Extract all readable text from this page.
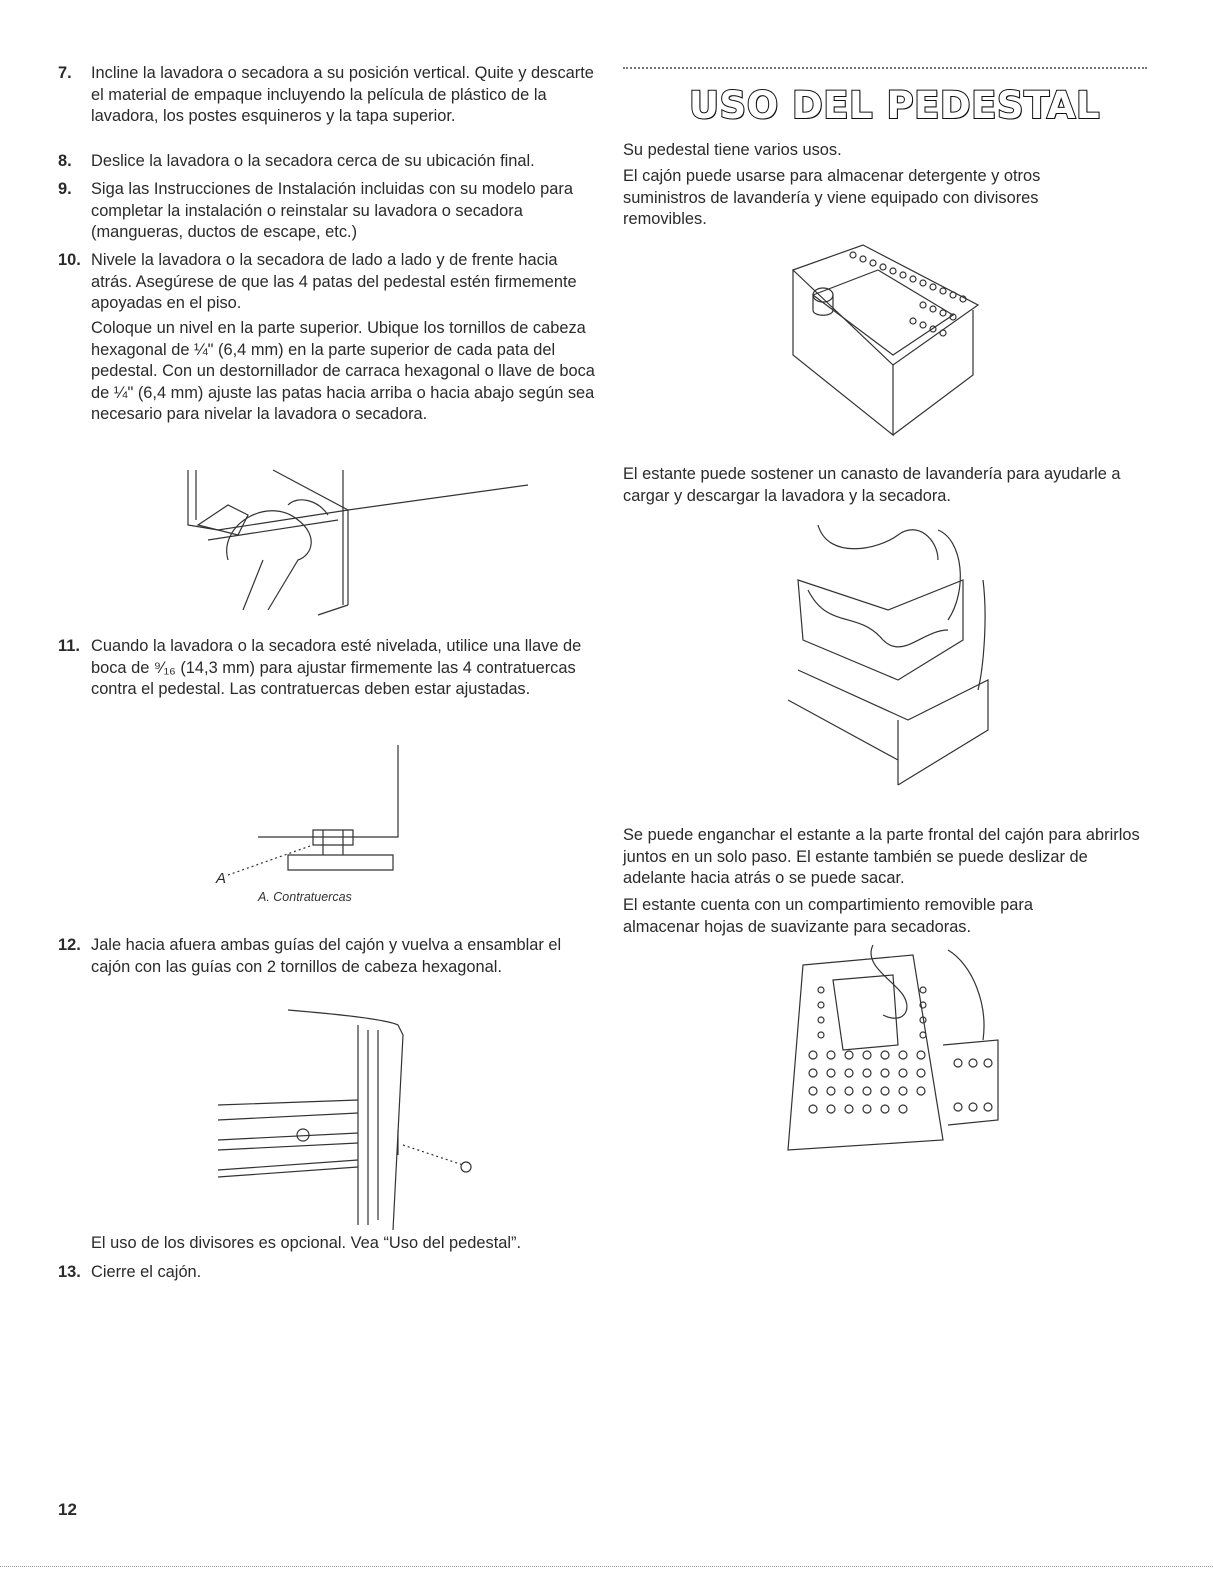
7. Incline la lavadora o secadora a su posición vertical. Quite y descarte el material de empaque incluyendo la película de plástico de la lavadora, los postes esquineros y la tapa superior.
8. Deslice la lavadora o la secadora cerca de su ubicación final.
9. Siga las Instrucciones de Instalación incluidas con su modelo para completar la instalación o reinstalar su lavadora o secadora (mangueras, ductos de escape, etc.)
10. Nivele la lavadora o la secadora de lado a lado y de frente hacia atrás. Asegúrese de que las 4 patas del pedestal estén firmemente apoyadas en el piso.
Coloque un nivel en la parte superior. Ubique los tornillos de cabeza hexagonal de ¼" (6,4 mm) en la parte superior de cada pata del pedestal. Con un destornillador de carraca hexagonal o llave de boca de ¼" (6,4 mm) ajuste las patas hacia arriba o hacia abajo según sea necesario para nivelar la lavadora o secadora.
11. Cuando la lavadora o la secadora esté nivelada, utilice una llave de boca de ⁹⁄₁₆ (14,3 mm) para ajustar firmemente las 4 contratuercas contra el pedestal. Las contratuercas deben estar ajustadas.
A
A. Contratuercas
12. Jale hacia afuera ambas guías del cajón y vuelva a ensamblar el cajón con las guías con 2 tornillos de cabeza hexagonal.
El uso de los divisores es opcional. Vea “Uso del pedestal”.
13. Cierre el cajón.
USO DEL PEDESTAL
Su pedestal tiene varios usos.
El cajón puede usarse para almacenar detergente y otros suministros de lavandería y viene equipado con divisores removibles.
El estante puede sostener un canasto de lavandería para ayudarle a cargar y descargar la lavadora y la secadora.
Se puede enganchar el estante a la parte frontal del cajón para abrirlos juntos en un solo paso. El estante también se puede deslizar de adelante hacia atrás o se puede sacar.
El estante cuenta con un compartimiento removible para almacenar hojas de suavizante para secadoras.
12
